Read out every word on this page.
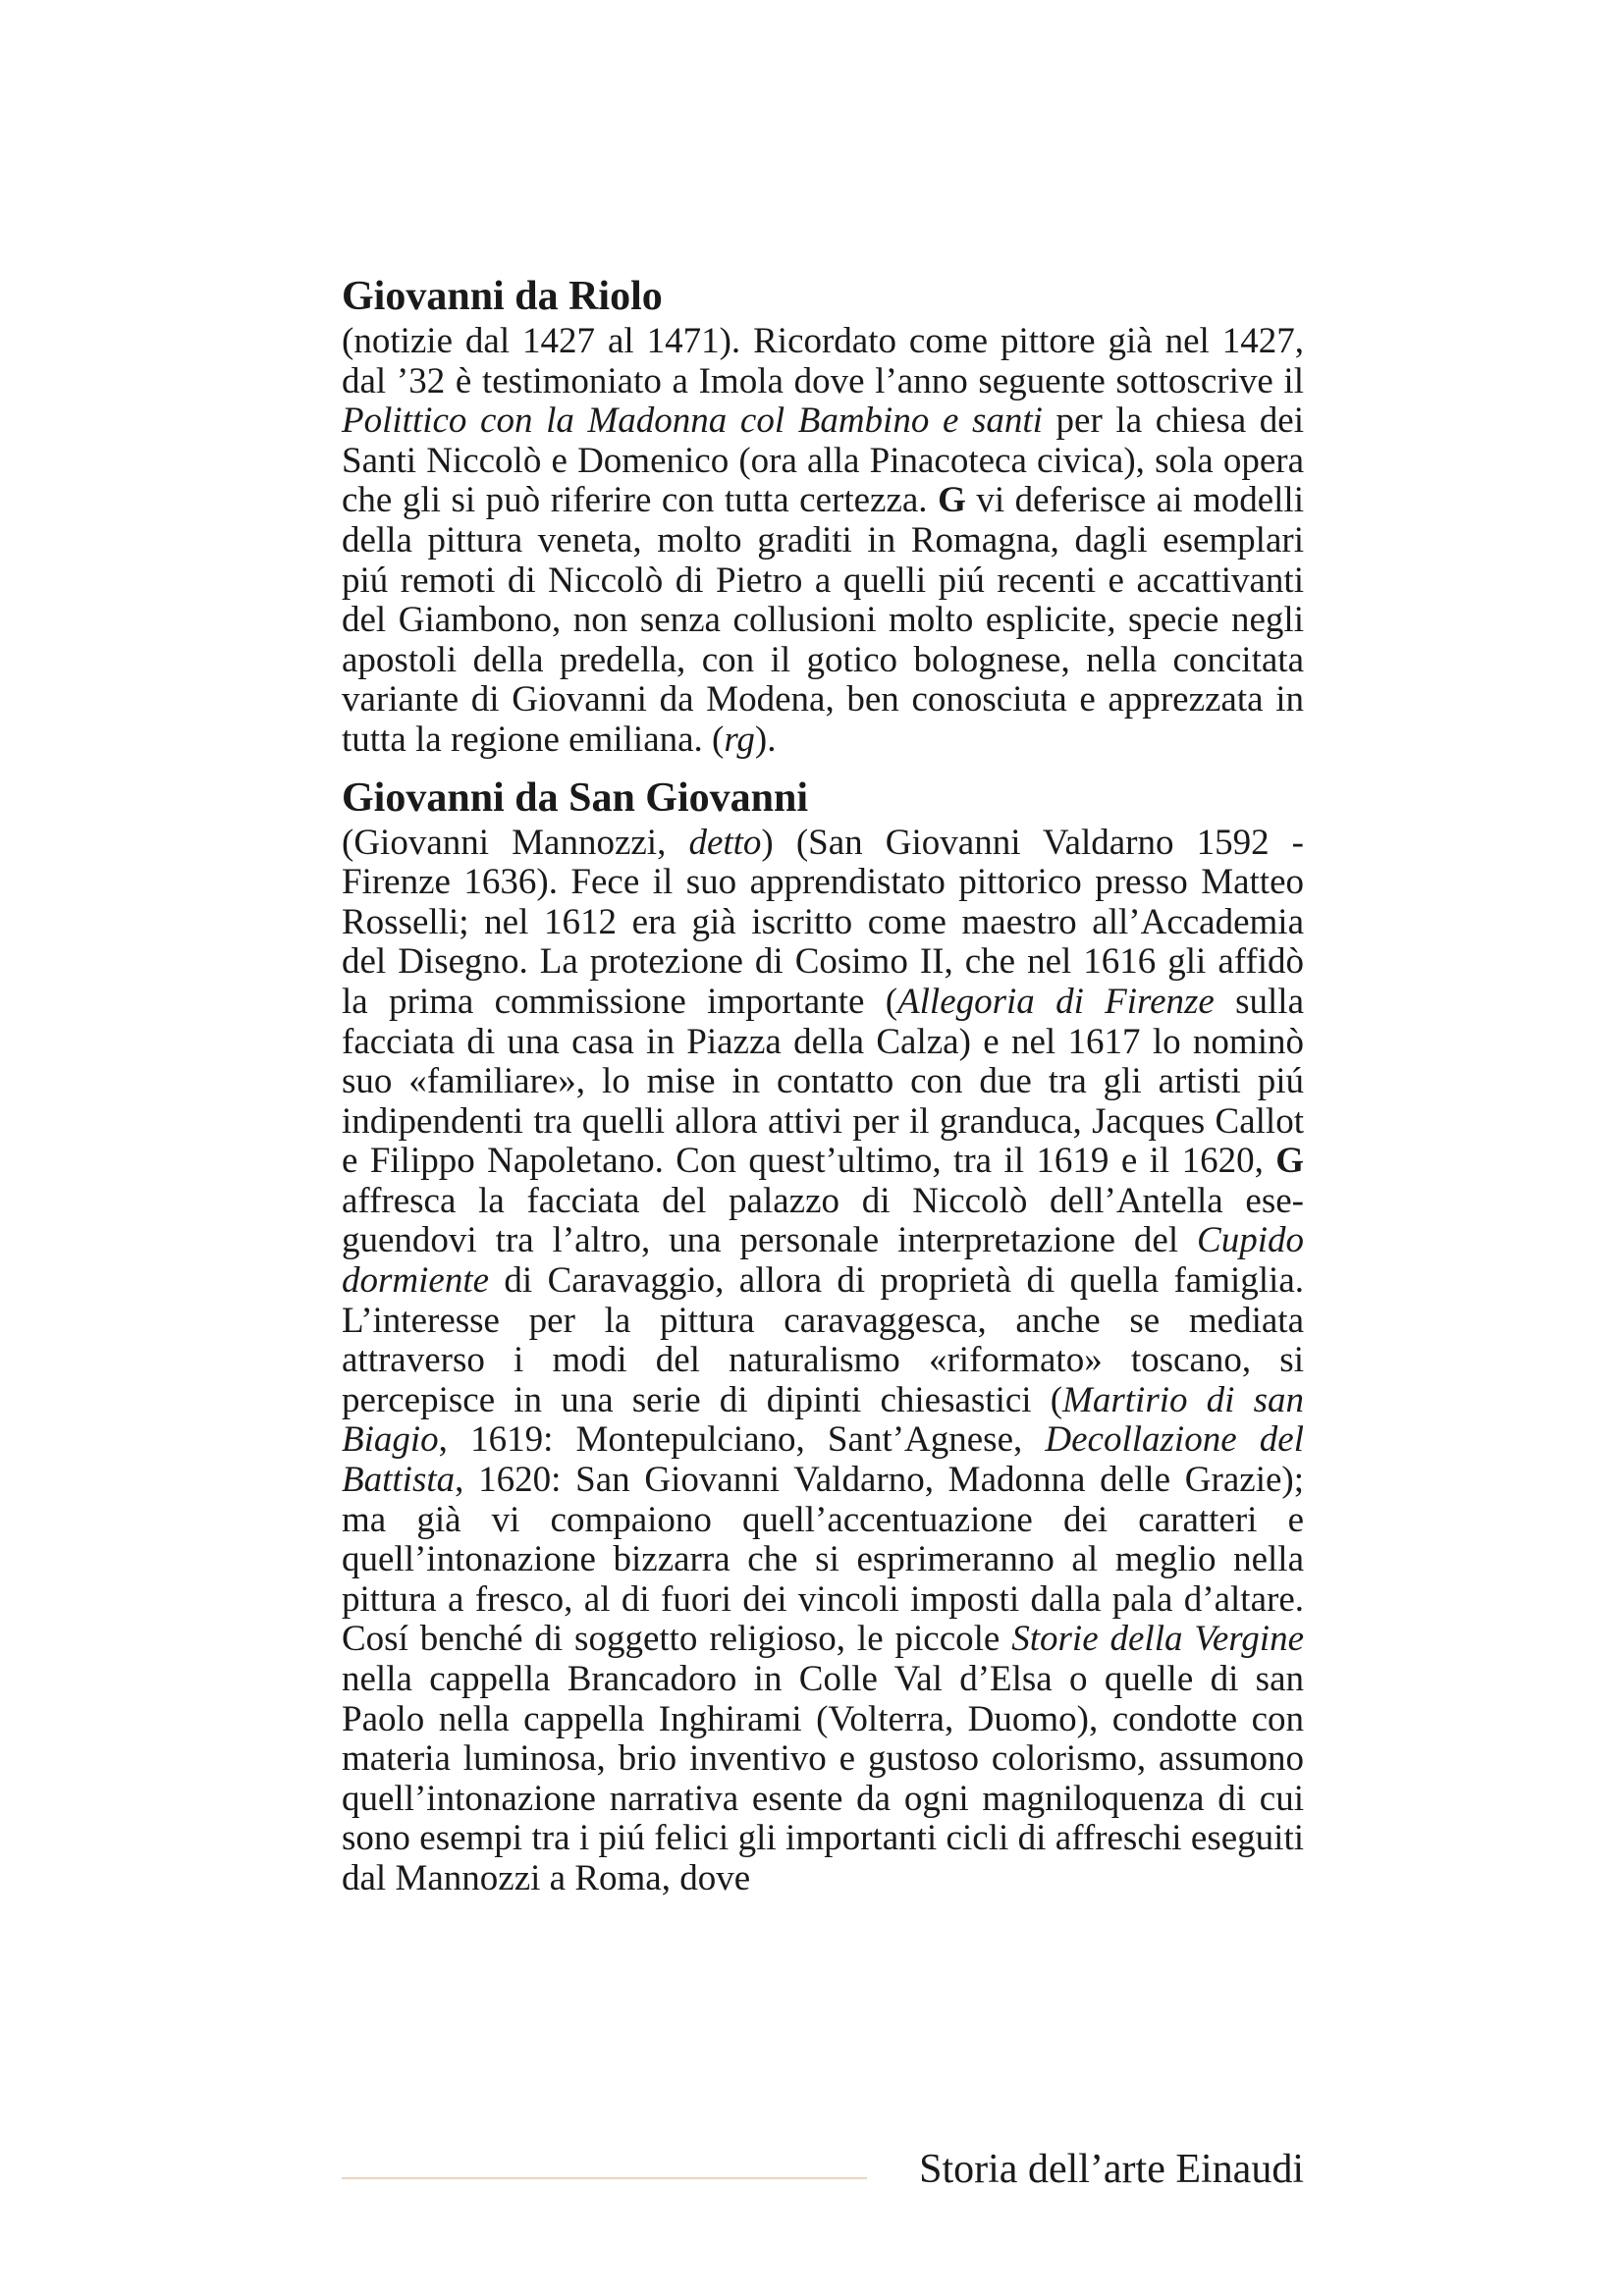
Giovanni da Riolo

(notizie dal 1427 al 1471). Ricordato come pittore già nel 1427, dal ’32 è testimoniato a Imola dove l’anno seguente sottoscrive il Polittico con la Madonna col Bambino e santi per la chiesa dei Santi Niccolò e Domenico (ora alla Pinacoteca civica), sola opera che gli si può riferire con tutta certezza. G vi deferisce ai modelli della pittura veneta, molto graditi in Romagna, dagli esemplari piú remoti di Niccolò di Pietro a quelli piú recenti e accattivanti del Giambono, non senza collusioni molto esplicite, specie negli apostoli della predella, con il gotico bolognese, nella concitata variante di Giovanni da Modena, ben conosciuta e apprezzata in tutta la regione emiliana. (rg).

Giovanni da San Giovanni

(Giovanni Mannozzi, detto) (San Giovanni Valdarno 1592 - Firenze 1636). Fece il suo apprendistato pittorico presso Matteo Rosselli; nel 1612 era già iscritto come maestro all’Accademia del Disegno. La protezione di Cosimo II, che nel 1616 gli affidò la prima commissione importante (Allegoria di Firenze sulla facciata di una casa in Piazza della Calza) e nel 1617 lo nominò suo «familiare», lo mise in contatto con due tra gli artisti piú indipendenti tra quelli allora attivi per il granduca, Jacques Callot e Filippo Napoletano. Con quest’ultimo, tra il 1619 e il 1620, G affresca la facciata del palazzo di Niccolò dell’Antella eseguendovi tra l’altro, una personale interpretazione del Cupido dormiente di Caravaggio, allora di proprietà di quella famiglia. L’interesse per la pittura caravaggesca, anche se mediata attraverso i modi del naturalismo «riformato» toscano, si percepisce in una serie di dipinti chiesastici (Martirio di san Biagio, 1619: Montepulciano, Sant’Agnese, Decollazione del Battista, 1620: San Giovanni Valdarno, Madonna delle Grazie); ma già vi compaiono quell’accentuazione dei caratteri e quell’intonazione bizzarra che si esprimeranno al meglio nella pittura a fresco, al di fuori dei vincoli imposti dalla pala d’altare. Cosí benché di soggetto religioso, le piccole Storie della Vergine nella cappella Brancadoro in Colle Val d’Elsa o quelle di san Paolo nella cappella Inghirami (Volterra, Duomo), condotte con materia luminosa, brio inventivo e gustoso colorismo, assumono quell’intonazione narrativa esente da ogni magniloquenza di cui sono esempi tra i piú felici gli importanti cicli di affreschi eseguiti dal Mannozzi a Roma, dove

Storia dell’arte Einaudi
